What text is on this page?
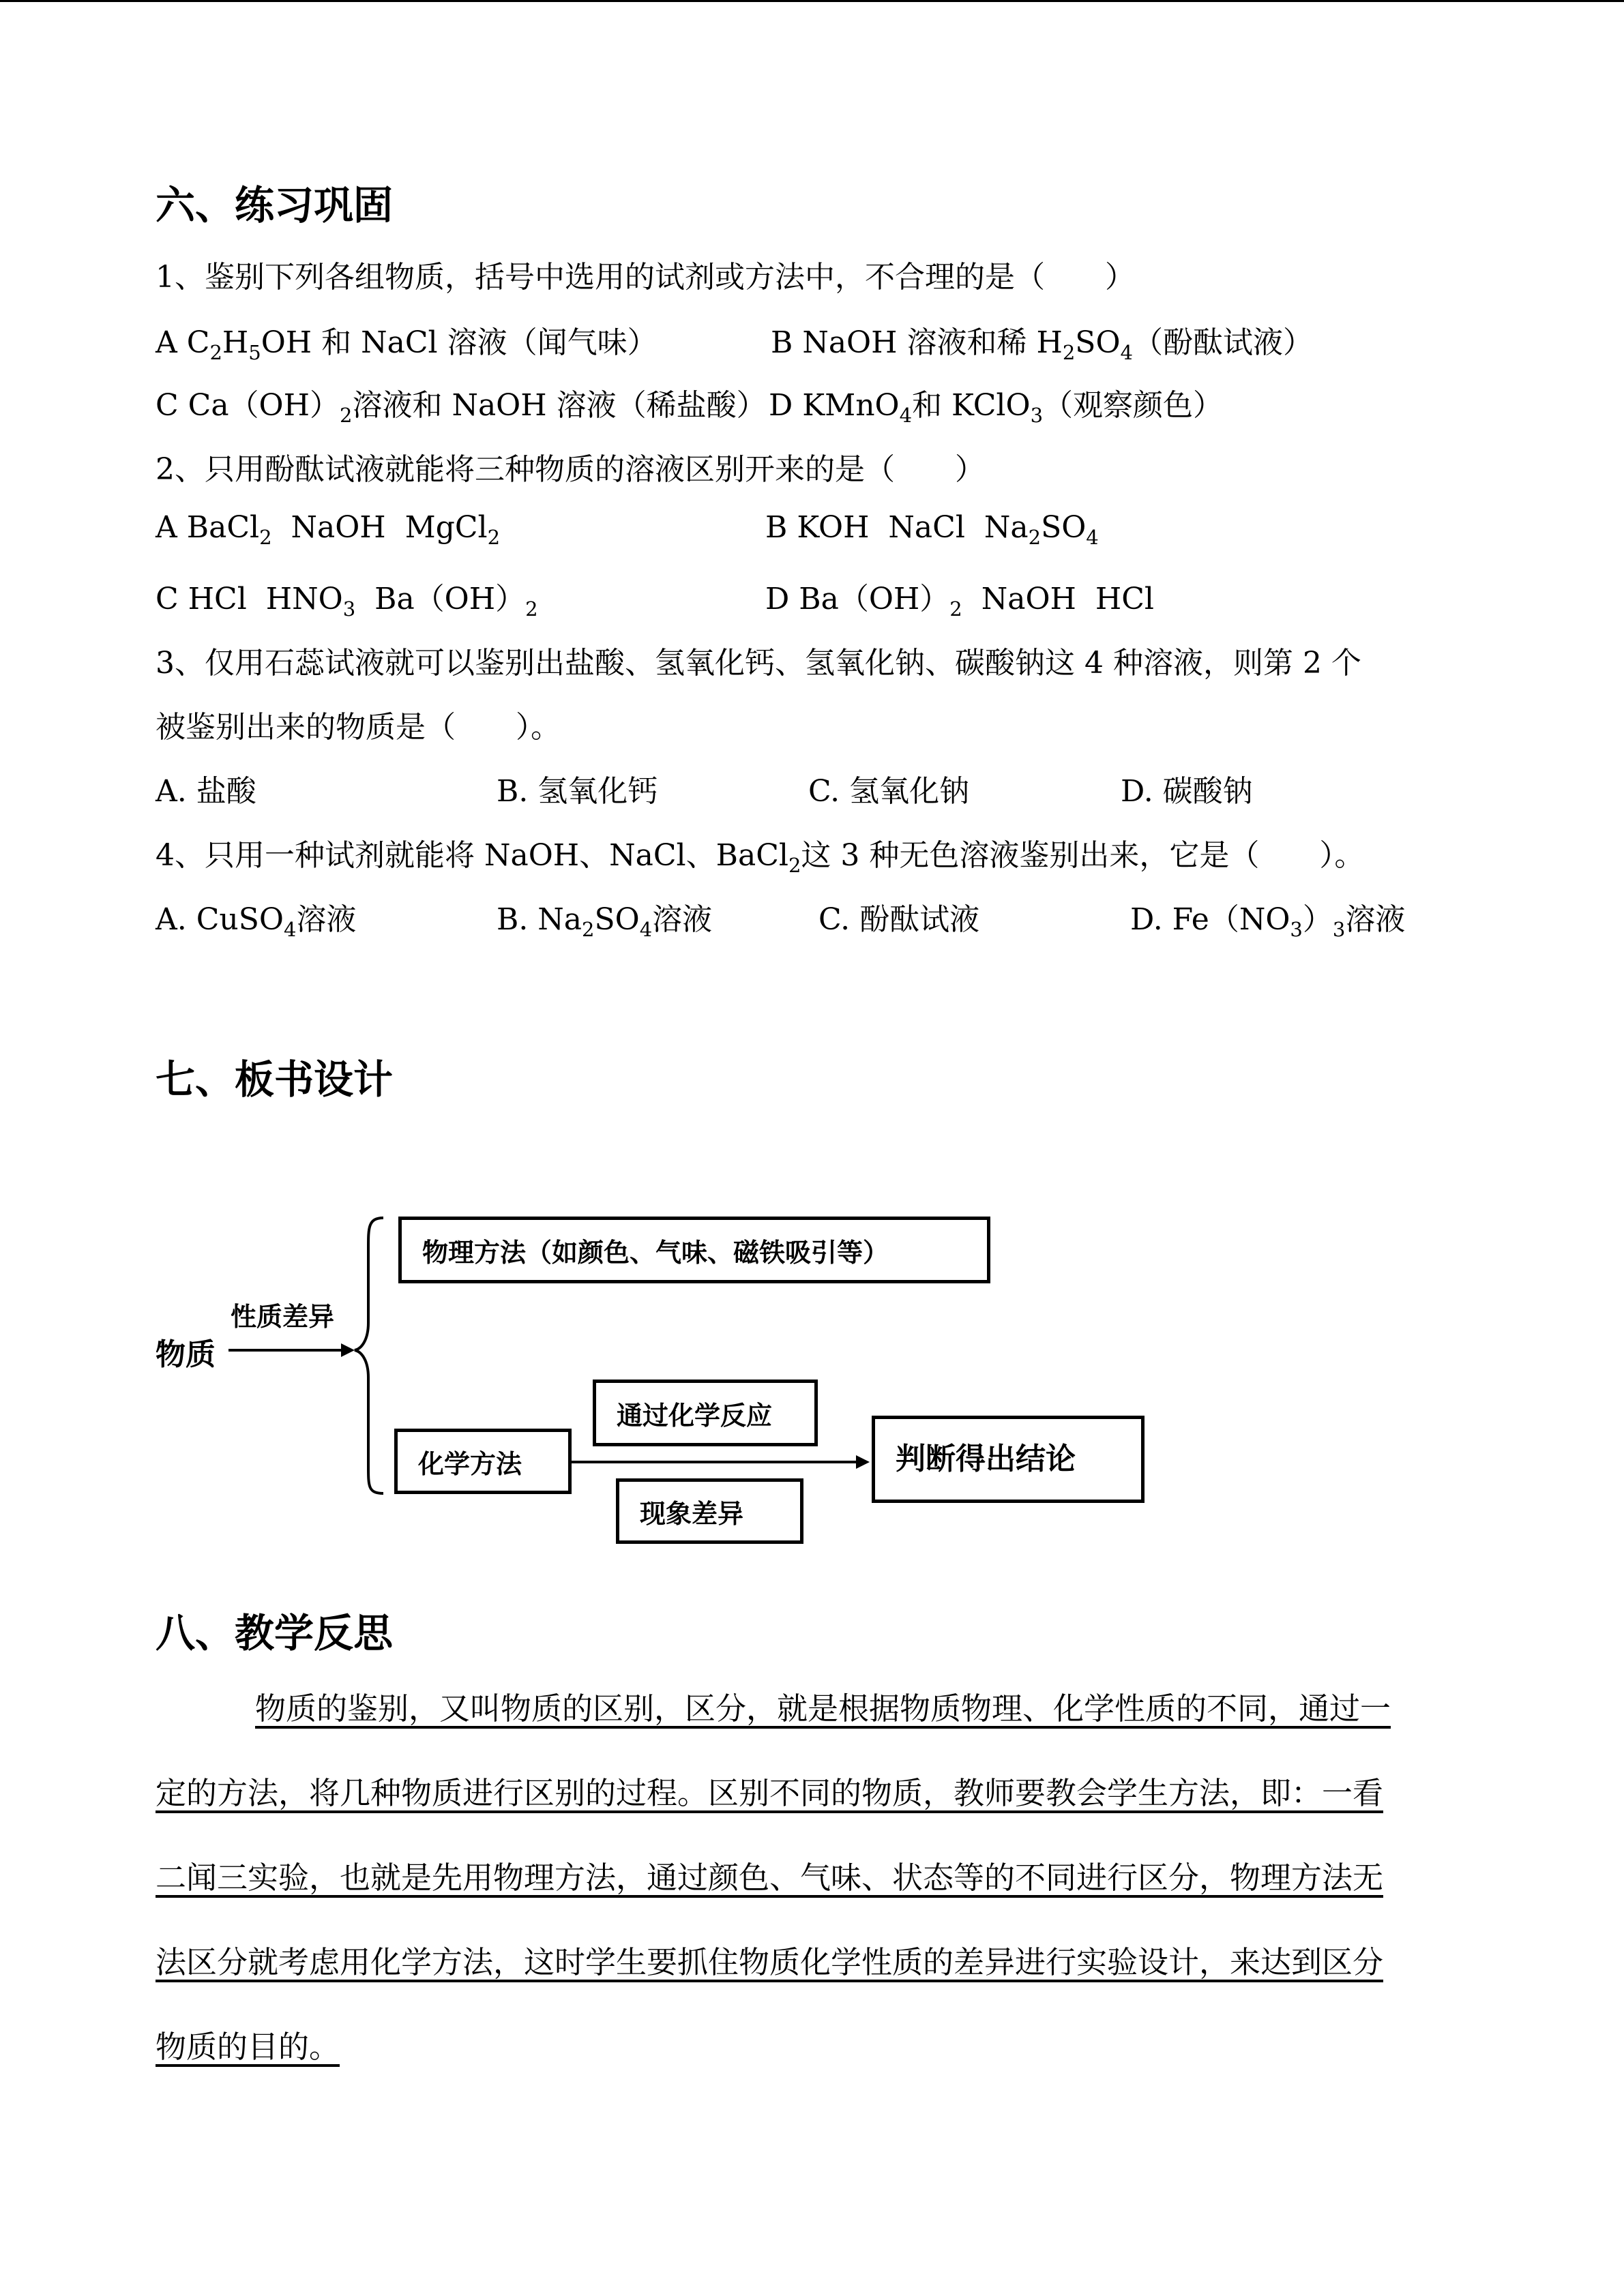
六、练习巩固
1、鉴别下列各组物质，括号中选用的试剂或方法中，不合理的是（　　）
A $C_2H_5OH$ 和 NaCl 溶液（闻气味）	B NaOH 溶液和稀 $H_2SO_4$（酚酞试液）
C $Ca(OH)_2$溶液和 NaOH 溶液（稀盐酸） D KMnO$_4$和 KClO$_3$（观察颜色）
2、只用酚酞试液就能将三种物质的溶液区别开来的是（　　）
A BaCl$_2$  NaOH  MgCl$_2$	B KOH  NaCl  $Na_2SO_4$
C HCl  $HNO_3$  $Ba(OH)_2$	D $Ba(OH)_2$  NaOH  HCl
3、仅用石蕊试液就可以鉴别出盐酸、氢氧化钙、氢氧化钠、碳酸钠这 4 种溶液，则第 2 个
被鉴别出来的物质是（　　）。
A. 盐酸	B. 氢氧化钙	C. 氢氧化钠	D. 碳酸钠
4、只用一种试剂就能将 NaOH、NaCl、BaCl$_2$这 3 种无色溶液鉴别出来，它是（　　）。
A. CuSO$_4$溶液	B. $Na_2SO_4$溶液	C. 酚酞试液	D. $Fe(NO_3)_3$溶液
七、板书设计
物质
性质差异
物理方法（如颜色、气味、磁铁吸引等）
通过化学反应
化学方法
现象差异
判断得出结论
八、教学反思
物质的鉴别，又叫物质的区别，区分，就是根据物质物理、化学性质的不同，通过一
定的方法，将几种物质进行区别的过程。区别不同的物质，教师要教会学生方法，即：一看
二闻三实验，也就是先用物理方法，通过颜色、气味、状态等的不同进行区分，物理方法无
法区分就考虑用化学方法，这时学生要抓住物质化学性质的差异进行实验设计，来达到区分
物质的目的。
